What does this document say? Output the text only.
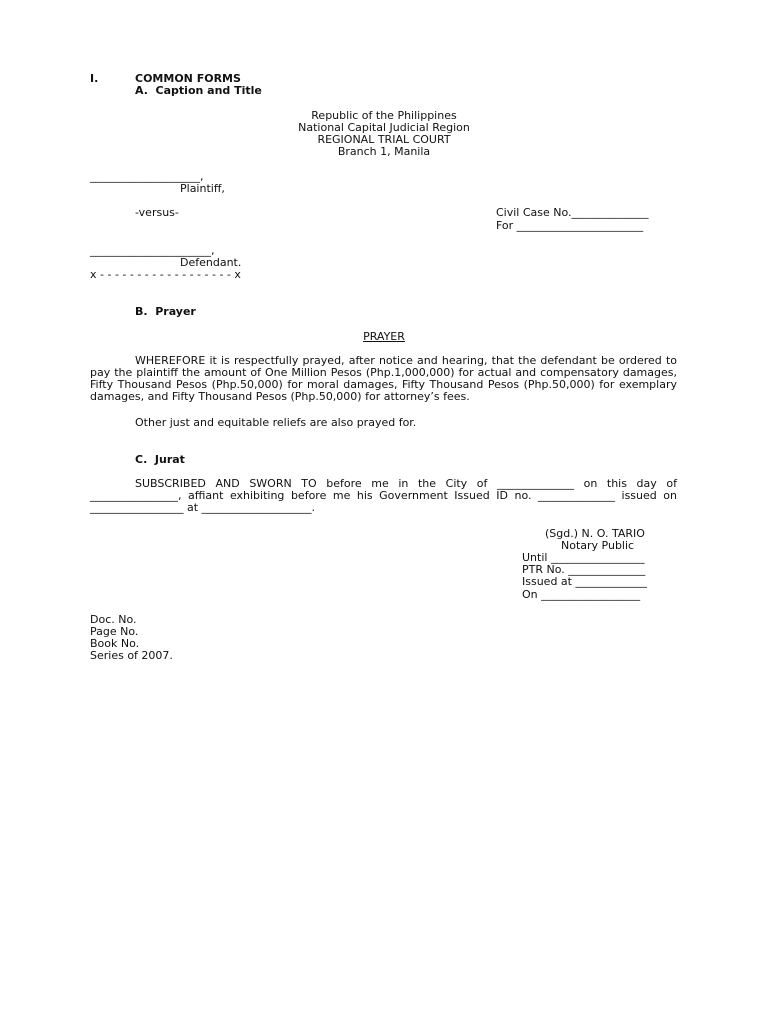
I.	COMMON FORMS
A.  Caption and Title
Republic of the Philippines
National Capital Judicial Region
REGIONAL TRIAL COURT
Branch 1, Manila
____________________,
Plaintiff,
-versus-	Civil Case No.______________
For _______________________
______________________,
Defendant.
x - - - - - - - - - - - - - - - - - - x
B.  Prayer
PRAYER
WHEREFORE it is respectfully prayed, after notice and hearing, that the defendant be ordered to pay the plaintiff the amount of One Million Pesos (Php.1,000,000) for actual and compensatory damages, Fifty Thousand Pesos (Php.50,000) for moral damages, Fifty Thousand Pesos (Php.50,000) for exemplary damages, and Fifty Thousand Pesos (Php.50,000) for attorney’s fees.
Other just and equitable reliefs are also prayed for.
C.  Jurat
SUBSCRIBED AND SWORN TO before me in the City of ______________ on this day of ________________, affiant exhibiting before me his Government Issued ID no. ______________ issued on _________________ at ____________________.
(Sgd.) N. O. TARIO
Notary Public
Until _________________
PTR No. ______________
Issued at _____________
On __________________
Doc. No.
Page No.
Book No.
Series of 2007.
